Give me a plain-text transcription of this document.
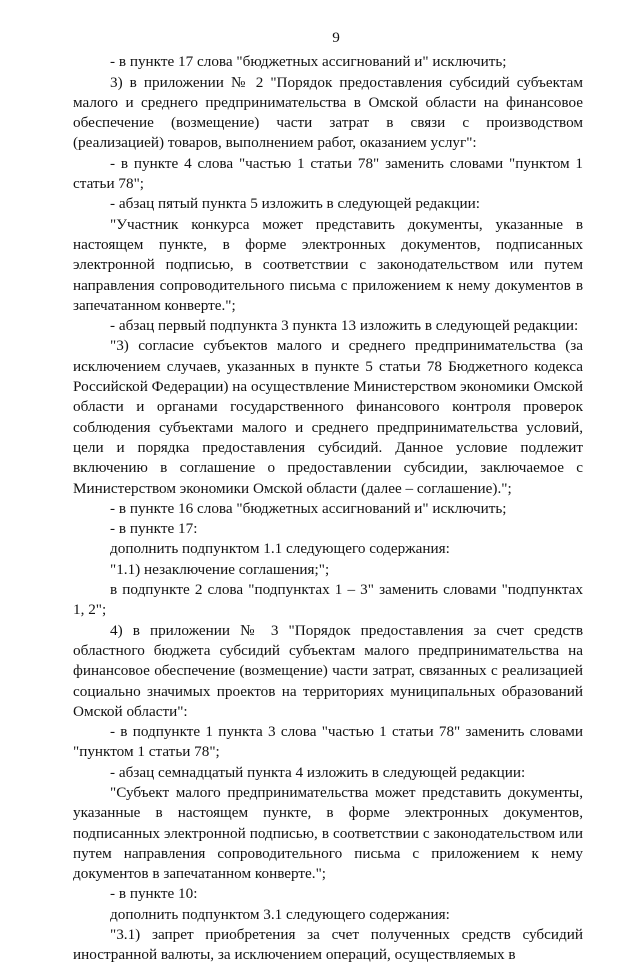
9

- в пункте 17 слова "бюджетных ассигнований и" исключить;

3) в приложении № 2 "Порядок предоставления субсидий субъектам малого и среднего предпринимательства в Омской области на финансовое обеспечение (возмещение) части затрат в связи с производством (реализацией) товаров, выполнением работ, оказанием услуг":

- в пункте 4 слова "частью 1 статьи 78" заменить словами "пунктом 1 статьи 78";

- абзац пятый пункта 5 изложить в следующей редакции:

"Участник конкурса может представить документы, указанные в настоящем пункте, в форме электронных документов, подписанных электронной подписью, в соответствии с законодательством или путем направления сопроводительного письма с приложением к нему документов в запечатанном конверте.";

- абзац первый подпункта 3 пункта 13 изложить в следующей редакции:

"3) согласие субъектов малого и среднего предпринимательства (за исключением случаев, указанных в пункте 5 статьи 78 Бюджетного кодекса Российской Федерации) на осуществление Министерством экономики Омской области и органами государственного финансового контроля проверок соблюдения субъектами малого и среднего предпринимательства условий, цели и порядка предоставления субсидий. Данное условие подлежит включению в соглашение о предоставлении субсидии, заключаемое с Министерством экономики Омской области (далее – соглашение).";

- в пункте 16 слова "бюджетных ассигнований и" исключить;

- в пункте 17:

дополнить подпунктом 1.1 следующего содержания:

"1.1) незаключение соглашения;";

в подпункте 2 слова "подпунктах 1 – 3" заменить словами "подпунктах 1, 2";

4) в приложении № 3 "Порядок предоставления за счет средств областного бюджета субсидий субъектам малого предпринимательства на финансовое обеспечение (возмещение) части затрат, связанных с реализацией социально значимых проектов на территориях муниципальных образований Омской области":

- в подпункте 1 пункта 3 слова "частью 1 статьи 78" заменить словами "пунктом 1 статьи 78";

- абзац семнадцатый пункта 4 изложить в следующей редакции:

"Субъект малого предпринимательства может представить документы, указанные в настоящем пункте, в форме электронных документов, подписанных электронной подписью, в соответствии с законодательством или путем направления сопроводительного письма с приложением к нему документов в запечатанном конверте.";

- в пункте 10:

дополнить подпунктом 3.1 следующего содержания:

"3.1) запрет приобретения за счет полученных средств субсидий иностранной валюты, за исключением операций, осуществляемых в
